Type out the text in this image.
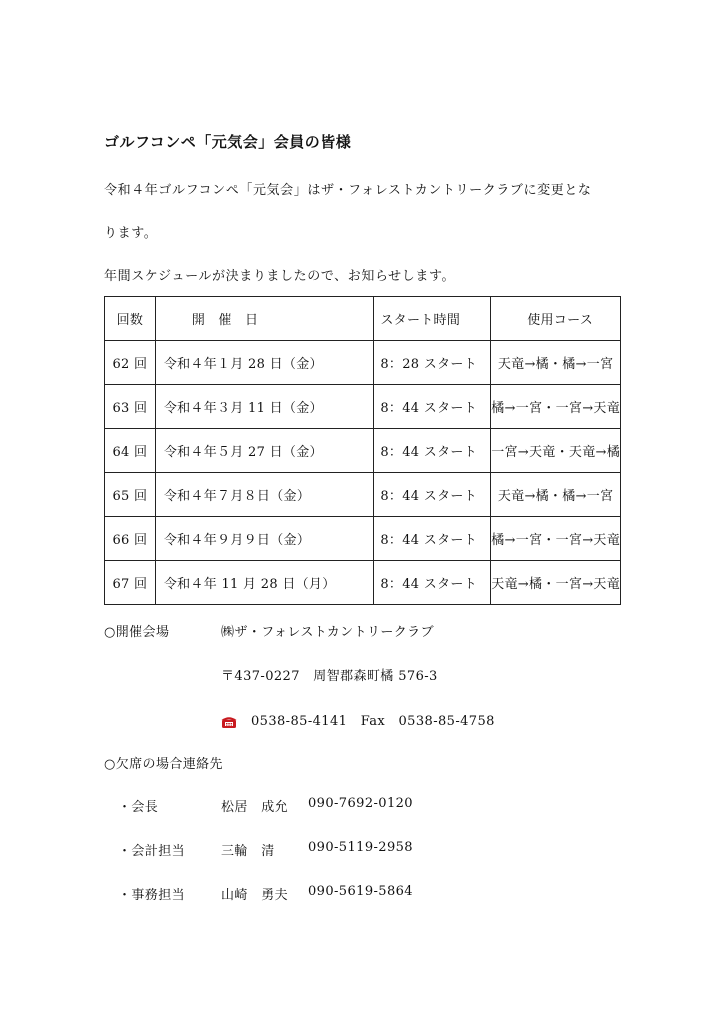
ゴルフコンペ「元気会」会員の皆様
令和４年ゴルフコンペ「元気会」はザ・フォレストカントリークラブに変更とな
ります。
年間スケジュールが決まりましたので、お知らせします。
回数	開　催　日	スタート時間	使用コース
62 回	令和４年１月 28 日（金）	8：28 スタート	天竜→橘・橘→一宮
63 回	令和４年３月 11 日（金）	8：44 スタート	橘→一宮・一宮→天竜
64 回	令和４年５月 27 日（金）	8：44 スタート	一宮→天竜・天竜→橘
65 回	令和４年７月８日（金）	8：44 スタート	天竜→橘・橘→一宮
66 回	令和４年９月９日（金）	8：44 スタート	橘→一宮・一宮→天竜
67 回	令和４年 11 月 28 日（月）	8：44 スタート	天竜→橘・一宮→天竜
○開催会場	㈱ザ・フォレストカントリークラブ
〒437-0227　周智郡森町橘 576-3
0538-85-4141　Fax　0538-85-4758
○欠席の場合連絡先
・会長	松居　成允 090-7692-0120
・会計担当	三輪　清	090-5119-2958
・事務担当	山崎　勇夫 090-5619-5864
